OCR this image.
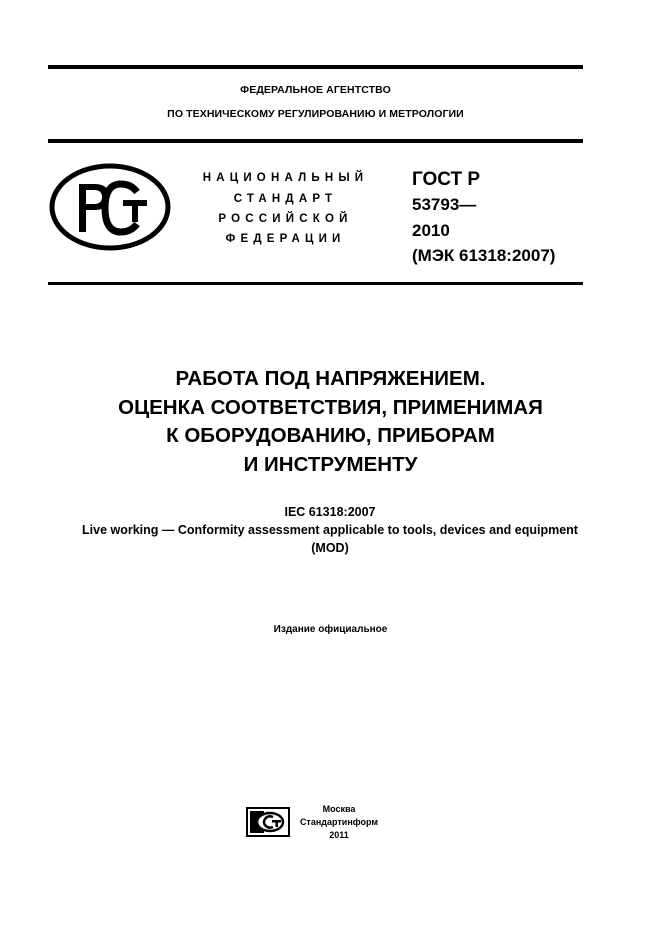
ФЕДЕРАЛЬНОЕ АГЕНТСТВО
ПО ТЕХНИЧЕСКОМУ РЕГУЛИРОВАНИЮ И МЕТРОЛОГИИ
НАЦИОНАЛЬНЫЙ
СТАНДАРТ
РОССИЙСКОЙ
ФЕДЕРАЦИИ
ГОСТ Р
53793—
2010
(МЭК 61318:2007)
РАБОТА ПОД НАПРЯЖЕНИЕМ.
ОЦЕНКА СООТВЕТСТВИЯ, ПРИМЕНИМАЯ
К ОБОРУДОВАНИЮ, ПРИБОРАМ
И ИНСТРУМЕНТУ
IEC 61318:2007
Live working — Conformity assessment applicable to tools, devices and equipment
(MOD)
Издание официальное
Москва
Стандартинформ
2011
